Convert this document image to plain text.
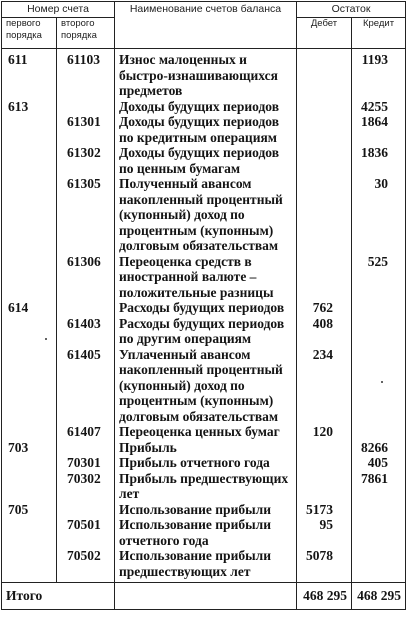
Номер счета		Наименование счетов баланса	Остаток	
первого порядка	второго порядка		Дебет	Кредит
611	61103	Износ малоценных и быстро-изнашивающихся предметов		1193
613		Доходы будущих периодов		4255
	61301	Доходы будущих периодов по кредитным операциям		1864
	61302	Доходы будущих периодов по ценным бумагам		1836
	61305	Полученный авансом накопленный процентный (купонный) доход по процентным (купонным) долговым обязательствам		30
	61306	Переоценка средств в иностранной валюте – положительные разницы		525
614		Расходы будущих периодов	762	
	61403	Расходы будущих периодов по другим операциям	408	
	61405	Уплаченный авансом накопленный процентный (купонный) доход по процентным (купонным) долговым обязательствам	234	
	61407	Переоценка ценных бумаг	120	
703		Прибыль		8266
	70301	Прибыль отчетного года		405
	70302	Прибыль предшествующих лет		7861
705		Использование прибыли	5173	
	70501	Использование прибыли отчетного года	95	
	70502	Использование прибыли предшествующих лет	5078	
Итого			468 295	468 295
